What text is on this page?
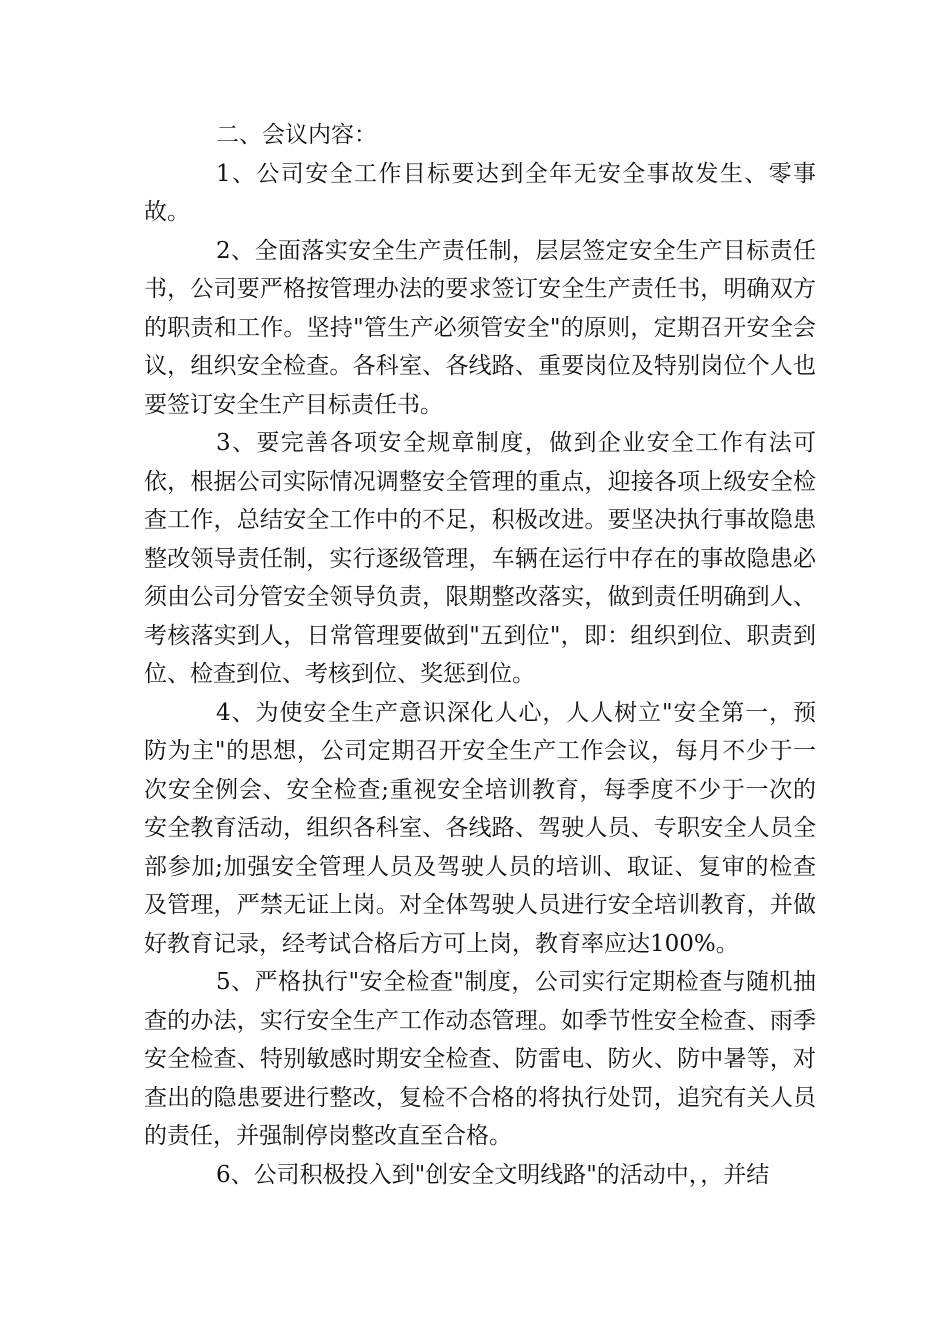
二、会议内容：

1、公司安全工作目标要达到全年无安全事故发生、零事故。

2、全面落实安全生产责任制，层层签定安全生产目标责任书，公司要严格按管理办法的要求签订安全生产责任书，明确双方的职责和工作。坚持"管生产必须管安全"的原则，定期召开安全会议，组织安全检查。各科室、各线路、重要岗位及特别岗位个人也要签订安全生产目标责任书。

3、要完善各项安全规章制度，做到企业安全工作有法可依，根据公司实际情况调整安全管理的重点，迎接各项上级安全检查工作，总结安全工作中的不足，积极改进。要坚决执行事故隐患整改领导责任制，实行逐级管理，车辆在运行中存在的事故隐患必须由公司分管安全领导负责，限期整改落实，做到责任明确到人、考核落实到人，日常管理要做到"五到位"，即：组织到位、职责到位、检查到位、考核到位、奖惩到位。

4、为使安全生产意识深化人心，人人树立"安全第一，预防为主"的思想，公司定期召开安全生产工作会议，每月不少于一次安全例会、安全检查;重视安全培训教育，每季度不少于一次的安全教育活动，组织各科室、各线路、驾驶人员、专职安全人员全部参加;加强安全管理人员及驾驶人员的培训、取证、复审的检查及管理，严禁无证上岗。对全体驾驶人员进行安全培训教育，并做好教育记录，经考试合格后方可上岗，教育率应达100%。

5、严格执行"安全检查"制度，公司实行定期检查与随机抽查的办法，实行安全生产工作动态管理。如季节性安全检查、雨季安全检查、特别敏感时期安全检查、防雷电、防火、防中暑等，对查出的隐患要进行整改，复检不合格的将执行处罚，追究有关人员的责任，并强制停岗整改直至合格。

6、公司积极投入到"创安全文明线路"的活动中，，并结
